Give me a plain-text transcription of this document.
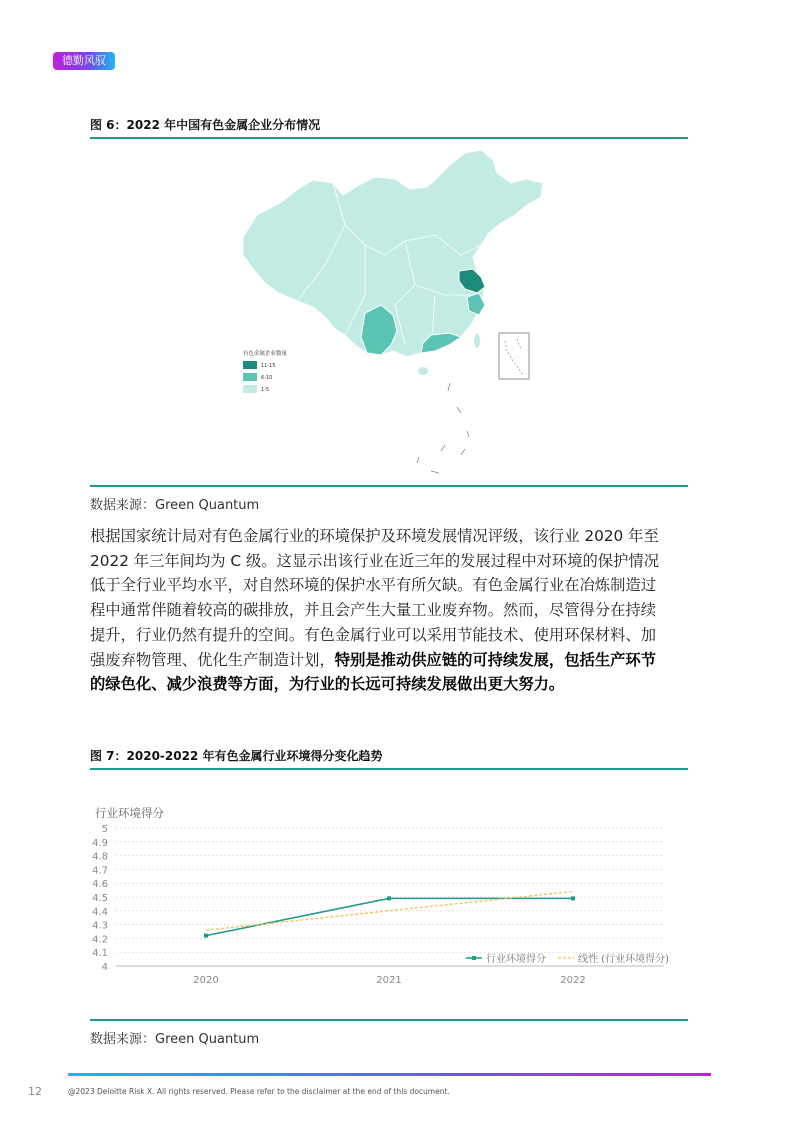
德勤风驭
图 6：2022 年中国有色金属企业分布情况
有色金属企业数量
11-15
6-10
1-5
数据来源：Green Quantum
根据国家统计局对有色金属行业的环境保护及环境发展情况评级，该行业 2020 年至
2022 年三年间均为 C 级。这显示出该行业在近三年的发展过程中对环境的保护情况
低于全行业平均水平，对自然环境的保护水平有所欠缺。有色金属行业在冶炼制造过
程中通常伴随着较高的碳排放，并且会产生大量工业废弃物。然而，尽管得分在持续
提升，行业仍然有提升的空间。有色金属行业可以采用节能技术、使用环保材料、加
强废弃物管理、优化生产制造计划，特别是推动供应链的可持续发展，包括生产环节
的绿色化、减少浪费等方面，为行业的长远可持续发展做出更大努力。
图 7：2020-2022 年有色金属行业环境得分变化趋势
行业环境得分
4
4.1
4.2
4.3
4.4
4.5
4.6
4.7
4.8
4.9
5
2020	2021	2022
行业环境得分	线性 (行业环境得分)
数据来源：Green Quantum
12	@2023 Deloitte Risk X. All rights reserved. Please refer to the disclaimer at the end of this document.
